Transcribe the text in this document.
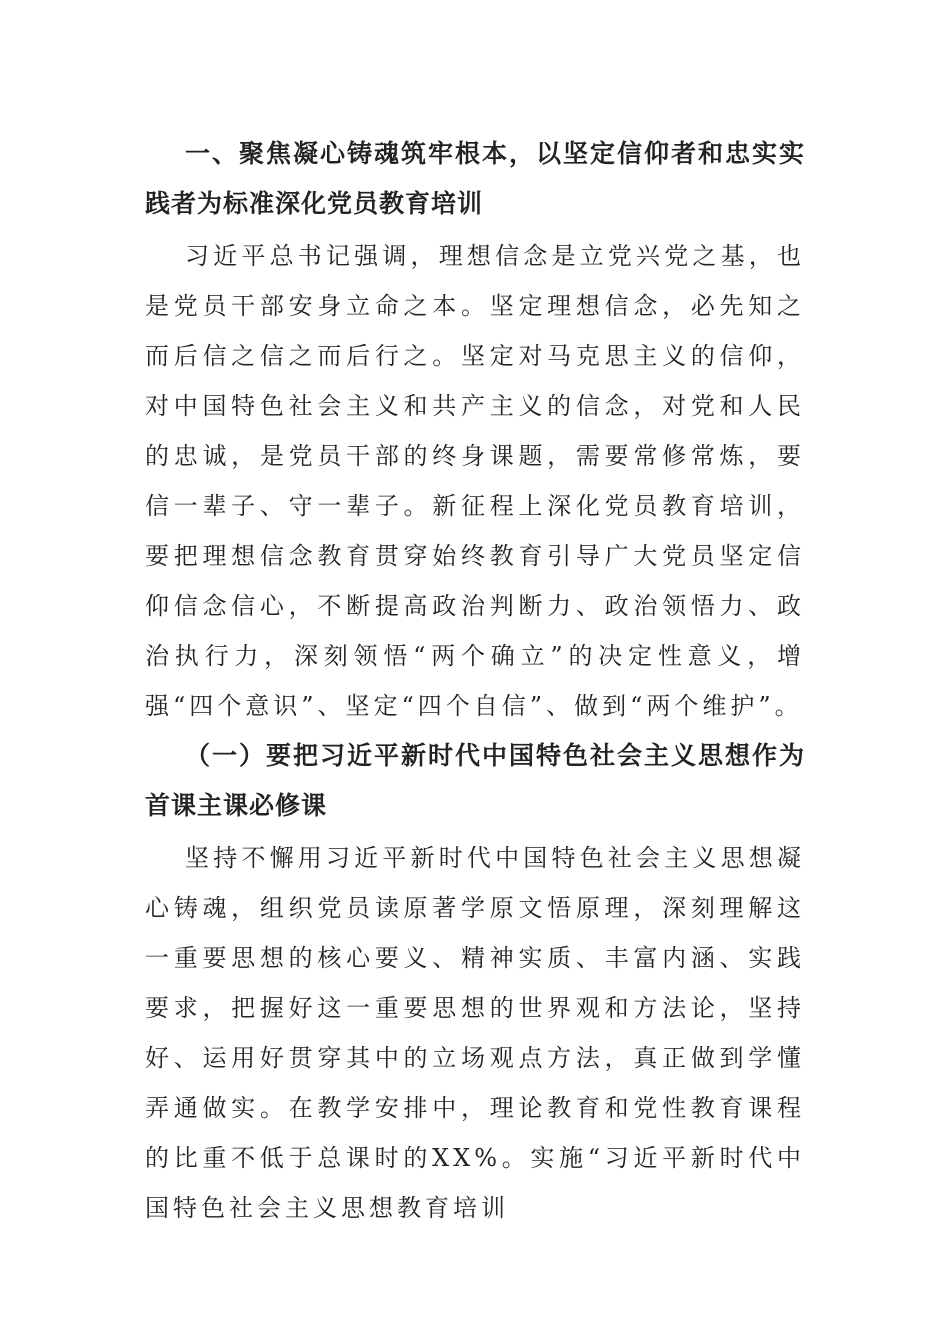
一、聚焦凝心铸魂筑牢根本，以坚定信仰者和忠实实践者为标准深化党员教育培训

习近平总书记强调，理想信念是立党兴党之基，也是党员干部安身立命之本。坚定理想信念，必先知之而后信之信之而后行之。坚定对马克思主义的信仰，对中国特色社会主义和共产主义的信念，对党和人民的忠诚，是党员干部的终身课题，需要常修常炼，要信一辈子、守一辈子。新征程上深化党员教育培训，要把理想信念教育贯穿始终教育引导广大党员坚定信仰信念信心，不断提高政治判断力、政治领悟力、政治执行力，深刻领悟“两个确立”的决定性意义，增强“四个意识”、坚定“四个自信”、做到“两个维护”。

（一）要把习近平新时代中国特色社会主义思想作为首课主课必修课

坚持不懈用习近平新时代中国特色社会主义思想凝心铸魂，组织党员读原著学原文悟原理，深刻理解这一重要思想的核心要义、精神实质、丰富内涵、实践要求，把握好这一重要思想的世界观和方法论，坚持好、运用好贯穿其中的立场观点方法，真正做到学懂弄通做实。在教学安排中，理论教育和党性教育课程的比重不低于总课时的XX%。实施“习近平新时代中国特色社会主义思想教育培训
